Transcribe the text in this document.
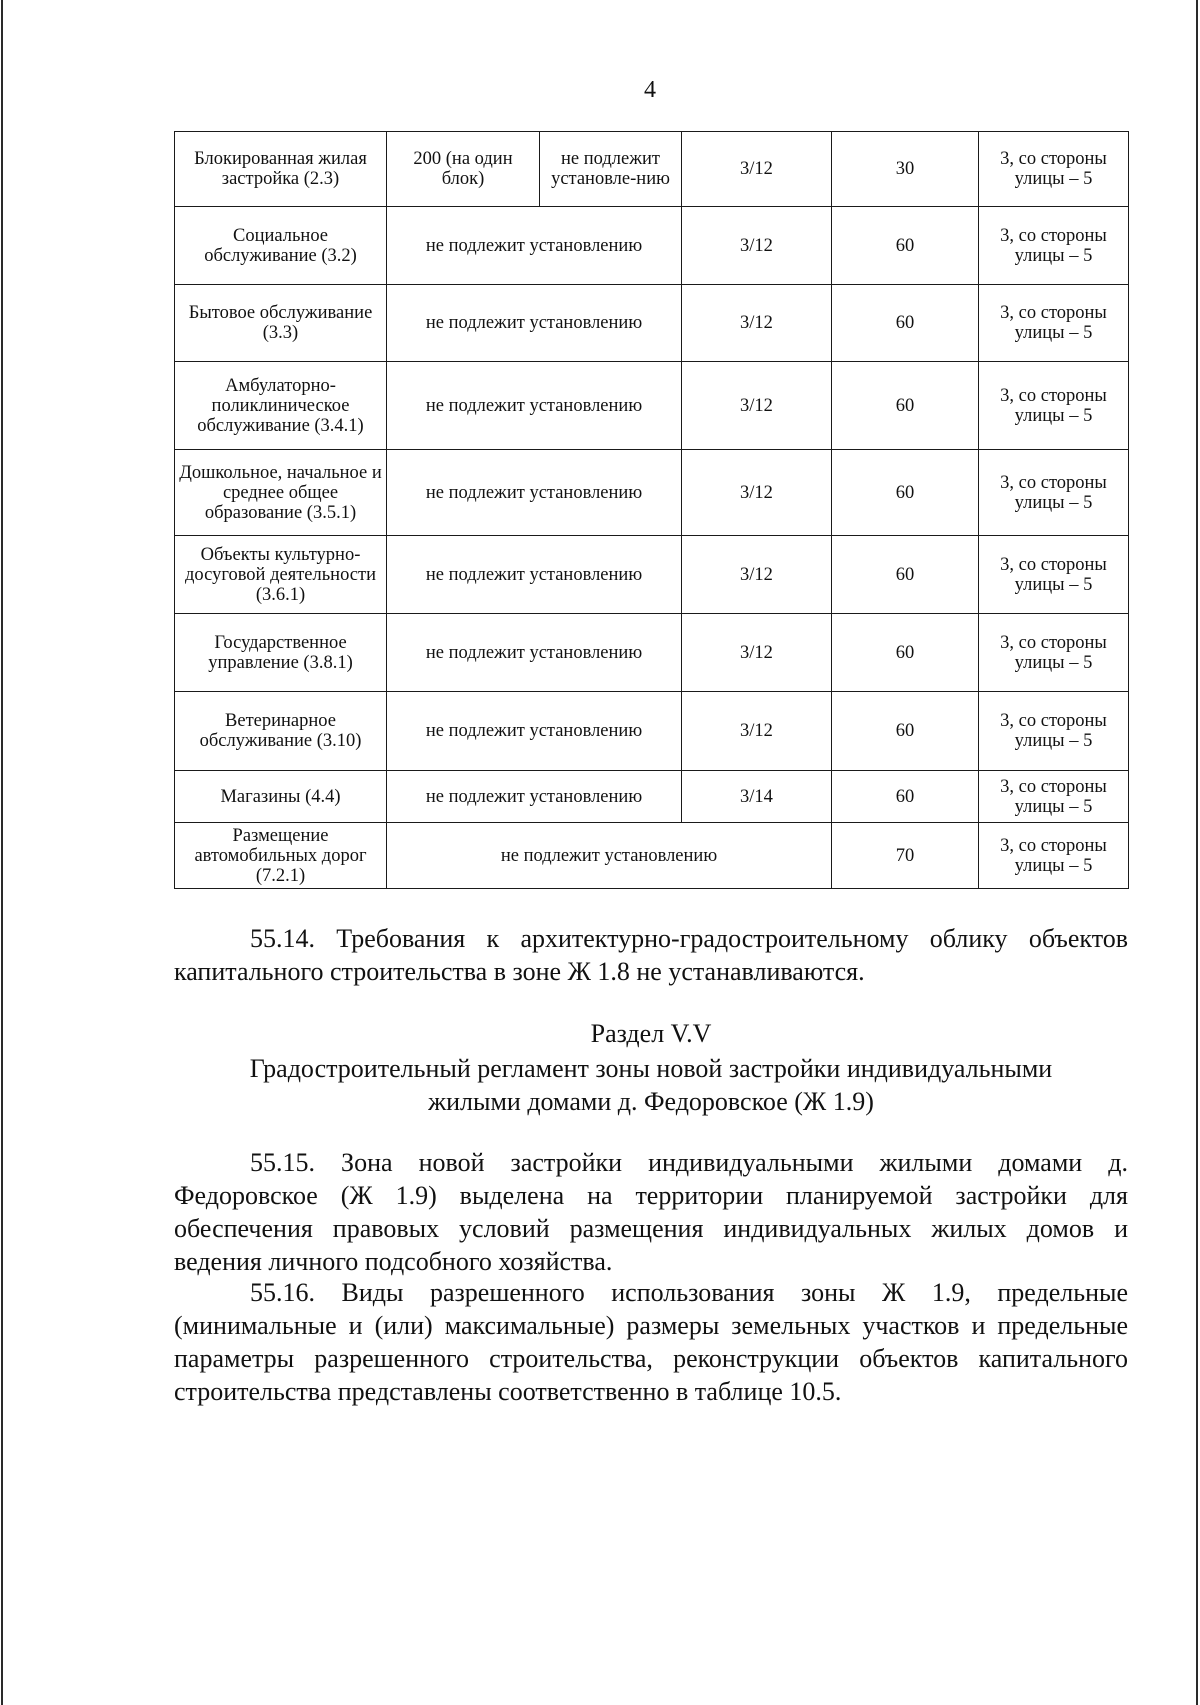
4
Блокированная жилая застройка (2.3)	200 (на один блок)	не подлежит установле-нию	3/12	30	3, со стороны улицы – 5
Социальное обслуживание (3.2)	не подлежит установлению		3/12	60	3, со стороны улицы – 5
Бытовое обслуживание (3.3)	не подлежит установлению		3/12	60	3, со стороны улицы – 5
Амбулаторно-поликлиническое обслуживание (3.4.1)	не подлежит установлению		3/12	60	3, со стороны улицы – 5
Дошкольное, начальное и среднее общее образование (3.5.1)	не подлежит установлению		3/12	60	3, со стороны улицы – 5
Объекты культурно-досуговой деятельности (3.6.1)	не подлежит установлению		3/12	60	3, со стороны улицы – 5
Государственное управление (3.8.1)	не подлежит установлению		3/12	60	3, со стороны улицы – 5
Ветеринарное обслуживание (3.10)	не подлежит установлению		3/12	60	3, со стороны улицы – 5
Магазины (4.4)	не подлежит установлению		3/14	60	3, со стороны улицы – 5
Размещение автомобильных дорог (7.2.1)	не подлежит установлению			70	3, со стороны улицы – 5

55.14. Требования к архитектурно-градостроительному облику объектов капитального строительства в зоне Ж 1.8 не устанавливаются.

Раздел V.V

Градостроительный регламент зоны новой застройки индивидуальными жилыми домами д. Федоровское (Ж 1.9)

55.15. Зона новой застройки индивидуальными жилыми домами д. Федоровское (Ж 1.9) выделена на территории планируемой застройки для обеспечения правовых условий размещения индивидуальных жилых домов и ведения личного подсобного хозяйства.

55.16. Виды разрешенного использования зоны Ж 1.9, предельные (минимальные и (или) максимальные) размеры земельных участков и предельные параметры разрешенного строительства, реконструкции объектов капитального строительства представлены соответственно в таблице 10.5.
